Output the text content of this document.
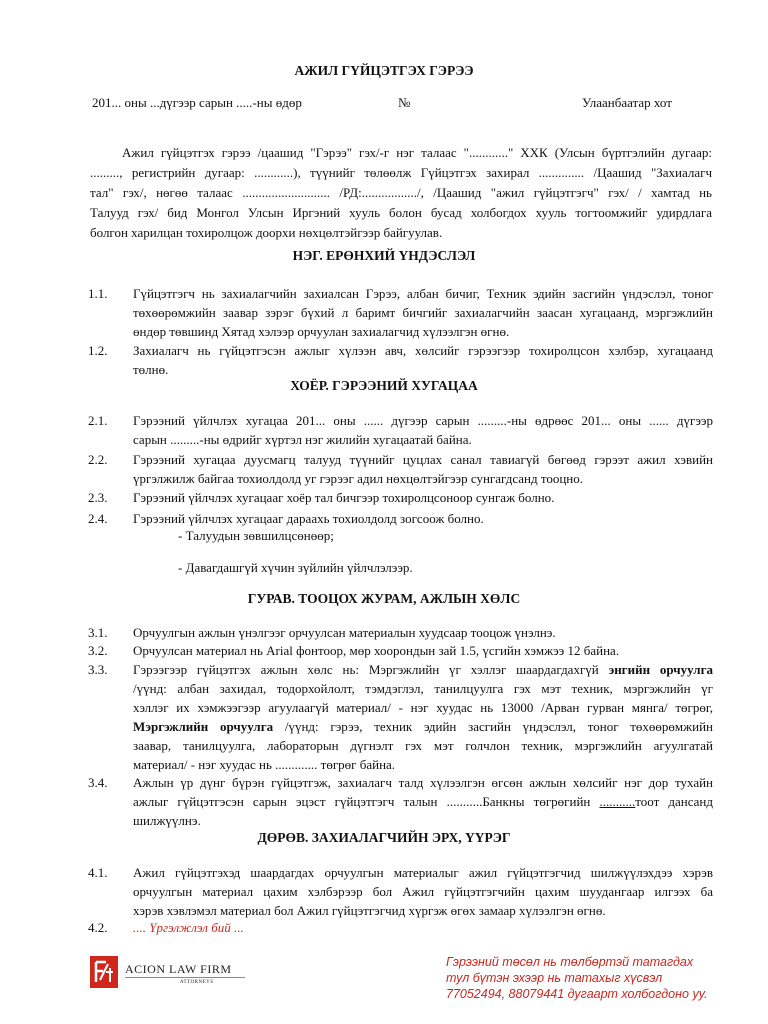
АЖИЛ ГҮЙЦЭТГЭХ ГЭРЭЭ
201... оны ...дүгээр сарын .....-ны өдөр	№	Улаанбаатар хот
Ажил гүйцэтгэх гэрээ /цаашид "Гэрээ" гэх/-г нэг талаас "............" ХХК (Улсын бүртгэлийн дугаар:
........., регистрийн дугаар: ............), түүнийг төлөөлж Гүйцэтгэх захирал .............. /Цаашид "Захиалагч
тал" гэх/, нөгөө талаас ........................... /РД:................./, /Цаашид "ажил гүйцэтгэгч" гэх/ / хамтад нь
Талууд гэх/ бид Монгол Улсын Иргэний хууль болон бусад холбогдох хууль тогтоомжийг удирдлага
болгон харилцан тохиролцож доорхи нөхцөлтэйгээр байгуулав.
НЭГ. ЕРӨНХИЙ ҮНДЭСЛЭЛ
1.1. Гүйцэтгэгч нь захиалагчийн захиалсан Гэрээ, албан бичиг, Техник эдийн засгийн үндэслэл, тоног
төхөөрөмжийн заавар зэрэг бүхий л баримт бичгийг захиалагчийн заасан хугацаанд, мэргэжлийн
өндөр төвшинд Хятад хэлээр орчуулан захиалагчид хүлээлгэн өгнө.
1.2. Захиалагч нь гүйцэтгэсэн ажлыг хүлээн авч, хөлсийг гэрээгээр тохиролцсон хэлбэр, хугацаанд
төлнө.
ХОЁР. ГЭРЭЭНИЙ ХУГАЦАА
2.1. Гэрээний үйлчлэх хугацаа 201... оны ...... дүгээр сарын .........-ны өдрөөс 201... оны ...... дүгээр
сарын .........-ны өдрийг хүртэл нэг жилийн хугацаатай байна.
2.2. Гэрээний хугацаа дуусмагц талууд түүнийг цуцлах санал тавиагүй бөгөөд гэрээт ажил хэвийн
үргэлжилж байгаа тохиолдолд уг гэрээг адил нөхцөлтэйгээр сунгагдсанд тооцно.
2.3. Гэрээний үйлчлэх хугацааг хоёр тал бичгээр тохиролцсоноор сунгаж болно.
2.4. Гэрээний үйлчлэх хугацааг дараахь тохиолдолд зогсоож болно.
- Талуудын зөвшилцсөнөөр;
- Давагдашгүй хүчин зүйлийн үйлчлэлээр.
ГУРАВ. ТООЦОХ ЖУРАМ, АЖЛЫН ХӨЛС
3.1. Орчуулгын ажлын үнэлгээг орчуулсан материалын хуудсаар тооцож үнэлнэ.
3.2. Орчуулсан материал нь Arial фонтоор, мөр хоорондын зай 1.5, үсгийн хэмжээ 12 байна.
3.3. Гэрээгээр гүйцэтгэх ажлын хөлс нь: Мэргэжлийн үг хэллэг шаардагдахгүй энгийн орчуулга
/үүнд: албан захидал, тодорхойлолт, тэмдэглэл, танилцуулга гэх мэт техник, мэргэжлийн үг
хэллэг их хэмжээгээр агуулаагүй материал/ - нэг хуудас нь 13000 /Арван гурван мянга/ төгрөг,
Мэргэжлийн орчуулга /үүнд: гэрээ, техник эдийн засгийн үндэслэл, тоног төхөөрөмжийн
заавар, танилцуулга, лабораторын дүгнэлт гэх мэт голчлон техник, мэргэжлийн агуулгатай
материал/ - нэг хуудас нь ............. төгрөг байна.
3.4. Ажлын үр дүнг бүрэн гүйцэтгэж, захиалагч талд хүлээлгэн өгсөн ажлын хөлсийг нэг дор тухайн
ажлыг гүйцэтгэсэн сарын эцэст гүйцэтгэгч талын ...........Банкны төгрөгийн ...........тоот дансанд
шилжүүлнэ.
ДӨРӨВ. ЗАХИАЛАГЧИЙН ЭРХ, ҮҮРЭГ
4.1. Ажил гүйцэтгэхэд шаардагдах орчуулгын материалыг ажил гүйцэтгэгчид шилжүүлэхдээ хэрэв
орчуулгын материал цахим хэлбэрээр бол Ажил гүйцэтгэгчийн цахим шуудангаар илгээх ба
хэрэв хэвлэмэл материал бол Ажил гүйцэтгэгчид хүргэж өгөх замаар хүлээлгэн өгнө.
4.2. .... Үргэлжлэл бий ...
ACION LAW FIRM
ATTORNEYS
Гэрээний төсөл нь төлбөртэй татагдах
тул бүтэн эхээр нь татахыг хүсвэл
77052494, 88079441 дугаарт холбогдоно уу.
